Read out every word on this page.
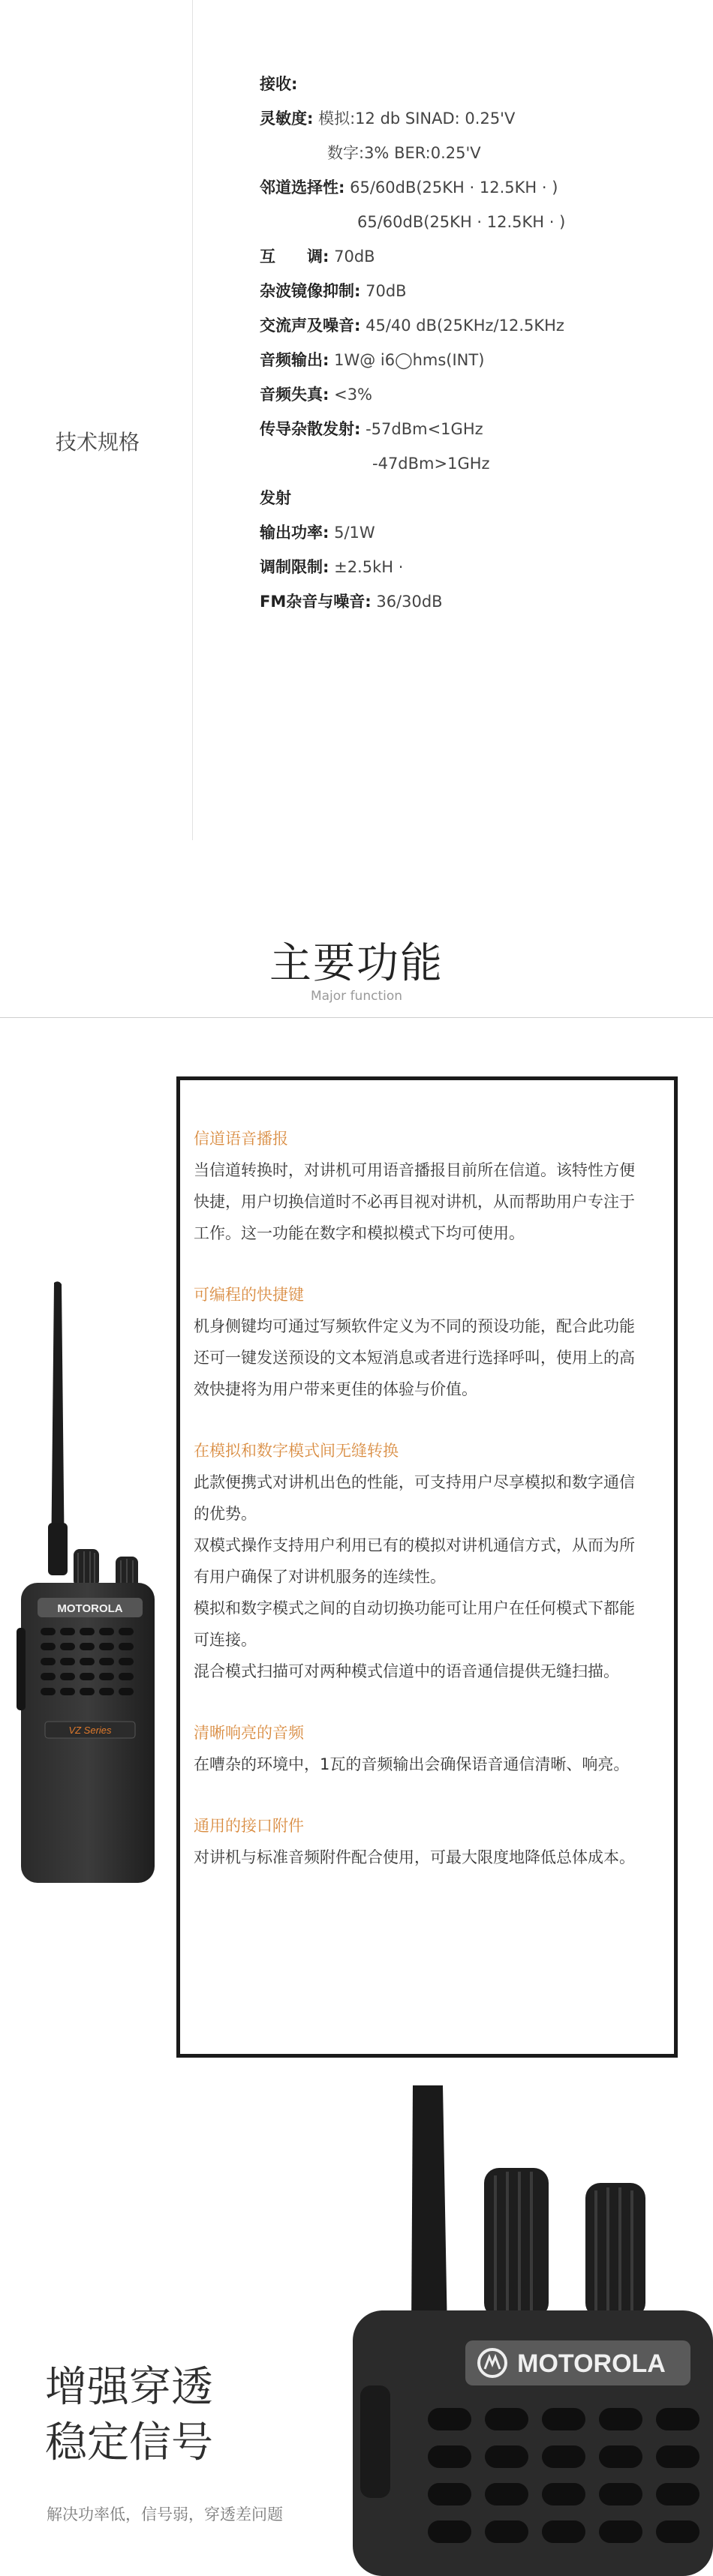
技术规格
接收:
灵敏度: 模拟:12 db SINAD: 0.25'V
数字:3% BER:0.25'V
邻道选择性: 65/60dB(25KH · 12.5KH · )
65/60dB(25KH · 12.5KH · )
互　　调: 70dB
杂波镜像抑制: 70dB
交流声及噪音: 45/40 dB(25KHz/12.5KHz
音频输出: 1W@ i6◯hms(INT)
音频失真: <3%
传导杂散发射: -57dBm<1GHz
-47dBm>1GHz
发射
输出功率: 5/1W
调制限制: ±2.5kH ·
FM杂音与噪音: 36/30dB
主要功能
Major function
信道语音播报
当信道转换时，对讲机可用语音播报目前所在信道。该特性方便
快捷，用户切换信道时不必再目视对讲机，从而帮助用户专注于
工作。这一功能在数字和模拟模式下均可使用。
可编程的快捷键
机身侧键均可通过写频软件定义为不同的预设功能，配合此功能
还可一键发送预设的文本短消息或者进行选择呼叫，使用上的高
效快捷将为用户带来更佳的体验与价值。
在模拟和数字模式间无缝转换
此款便携式对讲机出色的性能，可支持用户尽享模拟和数字通信
的优势。
双模式操作支持用户利用已有的模拟对讲机通信方式，从而为所
有用户确保了对讲机服务的连续性。
模拟和数字模式之间的自动切换功能可让用户在任何模式下都能
可连接。
混合模式扫描可对两种模式信道中的语音通信提供无缝扫描。
清晰响亮的音频
在嘈杂的环境中，1瓦的音频输出会确保语音通信清晰、响亮。
通用的接口附件
对讲机与标准音频附件配合使用，可最大限度地降低总体成本。
MOTOROLA
VZ Series
增强穿透
稳定信号
解决功率低，信号弱，穿透差问题
MOTOROLA
